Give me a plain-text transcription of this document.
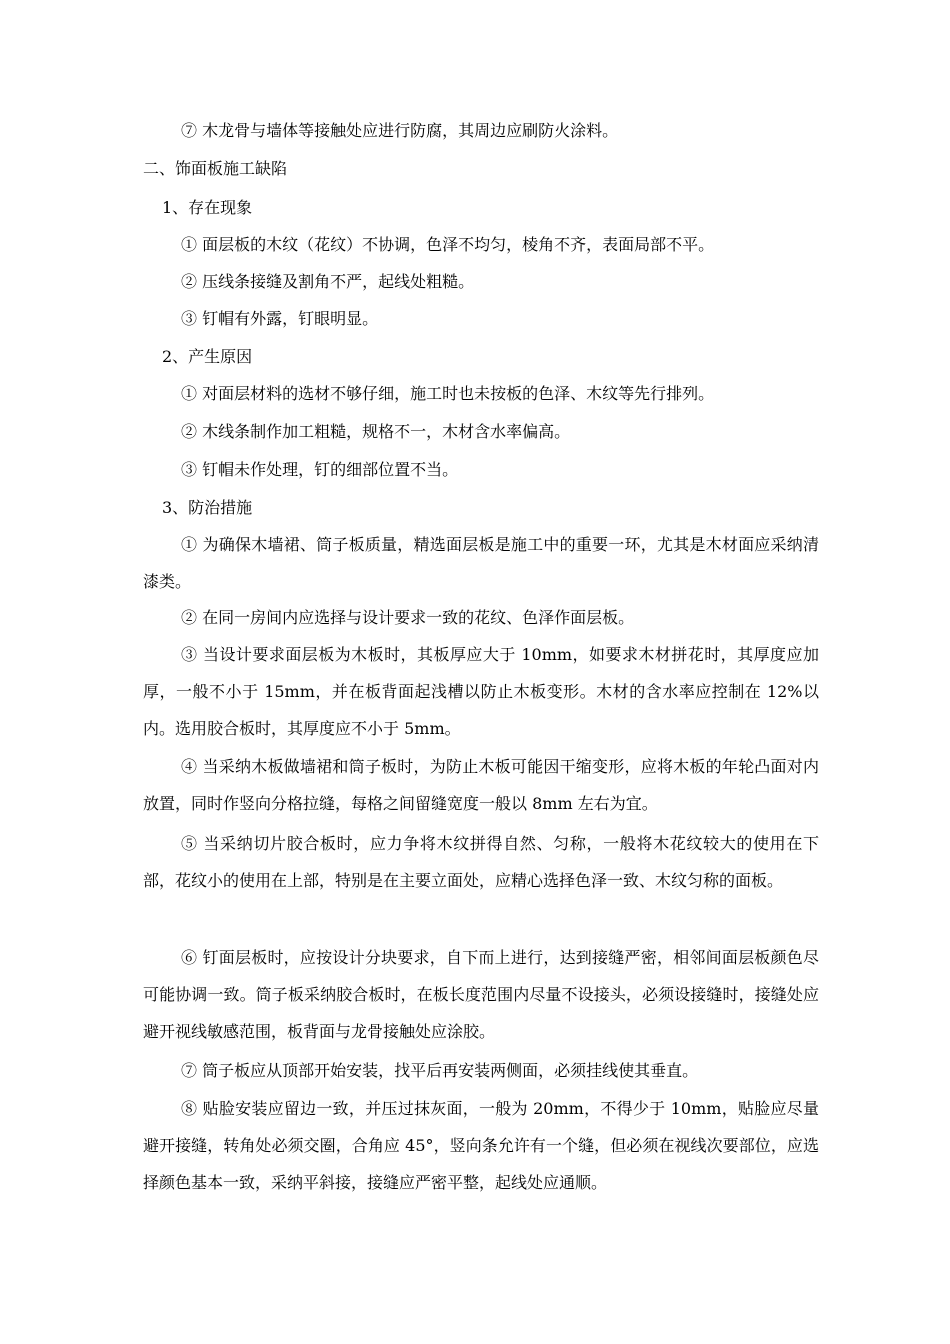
⑦ 木龙骨与墙体等接触处应进行防腐，其周边应刷防火涂料。

二、饰面板施工缺陷

1、存在现象

① 面层板的木纹（花纹）不协调，色泽不均匀，棱角不齐，表面局部不平。

② 压线条接缝及割角不严，起线处粗糙。

③ 钉帽有外露，钉眼明显。

2、产生原因

① 对面层材料的选材不够仔细，施工时也未按板的色泽、木纹等先行排列。

② 木线条制作加工粗糙，规格不一，木材含水率偏高。

③ 钉帽未作处理，钉的细部位置不当。

3、防治措施

① 为确保木墙裙、筒子板质量，精选面层板是施工中的重要一环，尤其是木材面应采纳清漆类。

② 在同一房间内应选择与设计要求一致的花纹、色泽作面层板。

③ 当设计要求面层板为木板时，其板厚应大于 10mm，如要求木材拼花时，其厚度应加厚，一般不小于 15mm，并在板背面起浅槽以防止木板变形。木材的含水率应控制在 12%以内。选用胶合板时，其厚度应不小于 5mm。

④ 当采纳木板做墙裙和筒子板时，为防止木板可能因干缩变形，应将木板的年轮凸面对内放置，同时作竖向分格拉缝，每格之间留缝宽度一般以 8mm 左右为宜。

⑤ 当采纳切片胶合板时，应力争将木纹拼得自然、匀称，一般将木花纹较大的使用在下部，花纹小的使用在上部，特别是在主要立面处，应精心选择色泽一致、木纹匀称的面板。

⑥ 钉面层板时，应按设计分块要求，自下而上进行，达到接缝严密，相邻间面层板颜色尽可能协调一致。筒子板采纳胶合板时，在板长度范围内尽量不设接头，必须设接缝时，接缝处应避开视线敏感范围，板背面与龙骨接触处应涂胶。

⑦ 筒子板应从顶部开始安装，找平后再安装两侧面，必须挂线使其垂直。

⑧ 贴脸安装应留边一致，并压过抹灰面，一般为 20mm，不得少于 10mm，贴脸应尽量避开接缝，转角处必须交圈，合角应 45°，竖向条允许有一个缝，但必须在视线次要部位，应选择颜色基本一致，采纳平斜接，接缝应严密平整，起线处应通顺。
